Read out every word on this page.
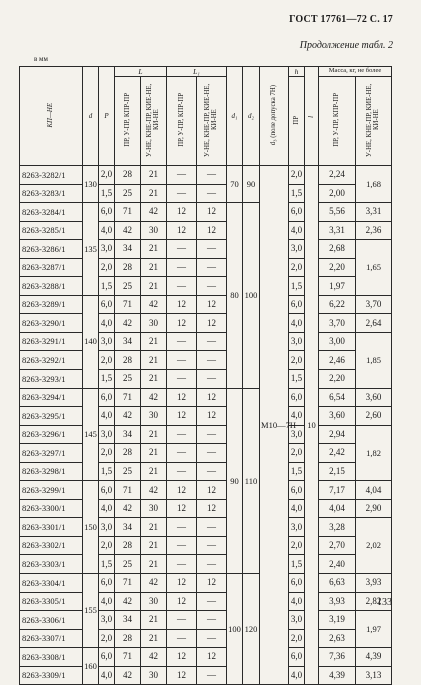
ГОСТ 17761—72 С. 17
Продолжение табл. 2
в мм
КП—НЕ	d	P	L		L₁		d₁	d₂	d₃ (поле допуска 7H)	h	l	Масса, кг, не более	
			ПР, У-ПР, КПР-ПР	У-НЕ, КНЕ-ПР, КИЕ-НЕ, КИ-НЕ	ПР, У-ПР, КПР-ПР	У-НЕ, КНЕ-ПР, КИЕ-НЕ, КИ-НЕ				ПР		ПР, У-ПР, КПР-ПР	У-НЕ, КНЕ-ПР, КИЕ-НЕ, КИ-НЕ
8263-3282/1	130	2,0	28	21	—	—	70	90	M10—7H	2,0	10	2,24	1,68
8263-3283/1		1,5	25	21	—	—				1,5		2,00	
8263-3284/1	135	6,0	71	42	12	12	80	100		6,0		5,56	3,31
8263-3285/1		4,0	42	30	12	12				4,0		3,31	2,36
8263-3286/1		3,0	34	21	—	—				3,0		2,68	1,65
8263-3287/1		2,0	28	21	—	—				2,0		2,20	
8263-3288/1		1,5	25	21	—	—				1,5		1,97	
8263-3289/1	140	6,0	71	42	12	12				6,0		6,22	3,70
8263-3290/1		4,0	42	30	12	12				4,0		3,70	2,64
8263-3291/1		3,0	34	21	—	—				3,0		3,00	1,85
8263-3292/1		2,0	28	21	—	—				2,0		2,46	
8263-3293/1		1,5	25	21	—	—				1,5		2,20	
8263-3294/1	145	6,0	71	42	12	12	90	110		6,0		6,54	3,60
8263-3295/1		4,0	42	30	12	12				4,0		3,60	2,60
8263-3296/1		3,0	34	21	—	—				3,0		2,94	1,82
8263-3297/1		2,0	28	21	—	—				2,0		2,42	
8263-3298/1		1,5	25	21	—	—				1,5		2,15	
8263-3299/1	150	6,0	71	42	12	12				6,0		7,17	4,04
8263-3300/1		4,0	42	30	12	12				4,0		4,04	2,90
8263-3301/1		3,0	34	21	—	—				3,0		3,28	2,02
8263-3302/1		2,0	28	21	—	—				2,0		2,70	
8263-3303/1		1,5	25	21	—	—				1,5		2,40	
8263-3304/1	155	6,0	71	42	12	12	100	120		6,0		6,63	3,93
8263-3305/1		4,0	42	30	12	—				4,0		3,93	2,82
8263-3306/1		3,0	34	21	—	—				3,0		3,19	1,97
8263-3307/1		2,0	28	21	—	—				2,0		2,63	
8263-3308/1	160	6,0	71	42	12	12				6,0		7,36	4,39
8263-3309/1		4,0	42	30	12	—				4,0		4,39	3,13
133
